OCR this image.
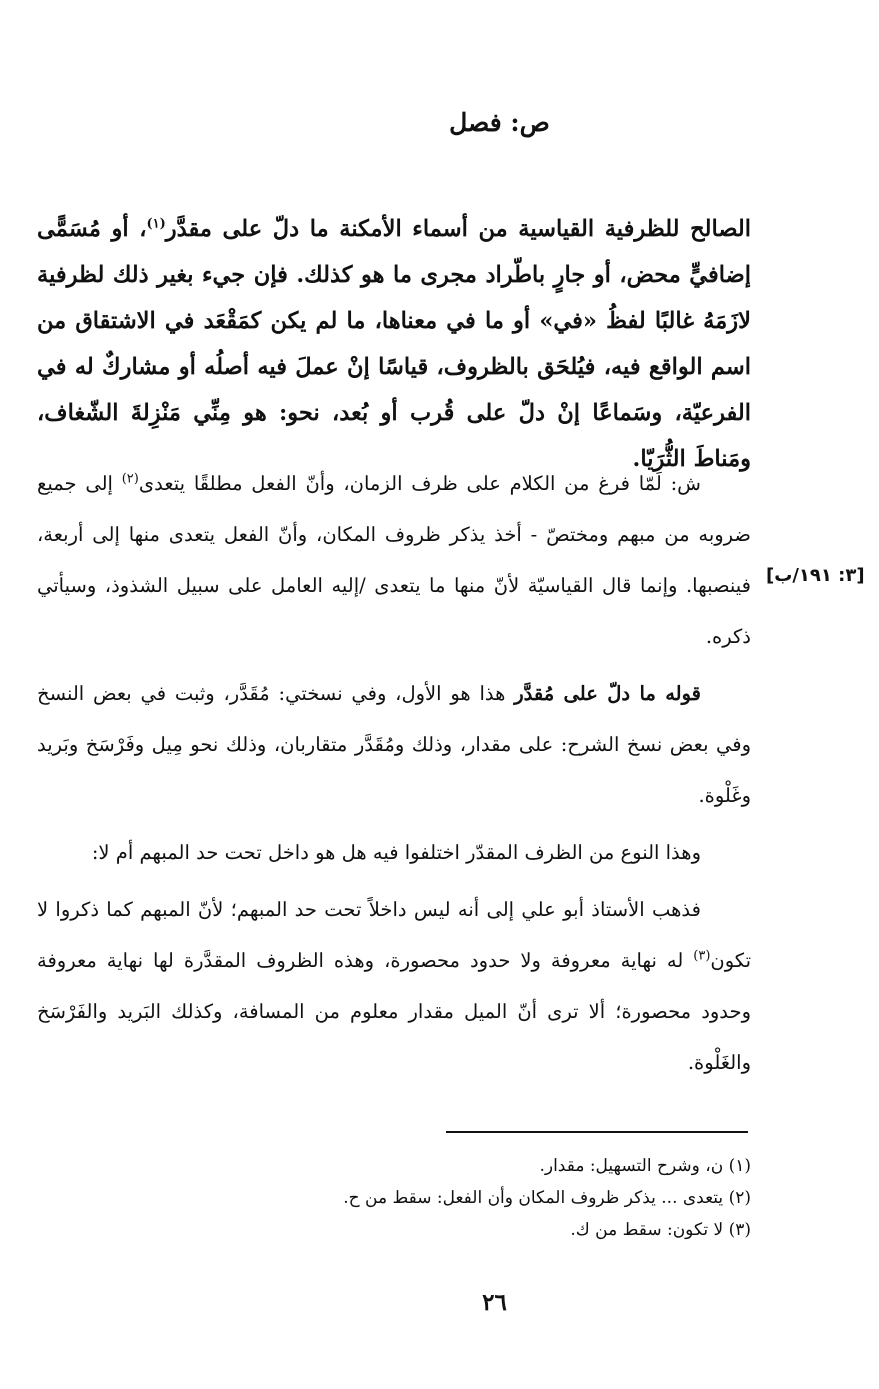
ص: فصل

الصالح للظرفية القياسية من أسماء الأمكنة ما دلّ على مقدَّر$^{(١)}$، أو مُسَمًّى إضافيٍّ محض، أو جارٍ باطّراد مجرى ما هو كذلك. فإن جيء بغير ذلك لظرفية لازَمَهُ غالبًا لفظُ «في» أو ما في معناها، ما لم يكن كمَقْعَد في الاشتقاق من اسم الواقع فيه، فيُلحَق بالظروف، قياسًا إنْ عملَ فيه أصلُه أو مشاركٌ له في الفرعيّة، وسَماعًا إنْ دلّ على قُرب أو بُعد، نحو: هو مِنِّي مَنْزِلةَ الشّغاف، ومَناطَ الثُّرَيّا.

ش: لَمّا فرغ من الكلام على ظرف الزمان، وأنّ الفعل مطلقًا يتعدى$^{(٢)}$ إلى جميع ضروبه من مبهم ومختصّ - أخذ يذكر ظروف المكان، وأنّ الفعل يتعدى منها إلى أربعة، فينصبها. وإنما قال القياسيّة لأنّ منها ما يتعدى /إليه العامل على سبيل الشذوذ، وسيأتي ذكره.

قوله ما دلّ على مُقدَّر هذا هو الأول، وفي نسختي: مُقَدَّر، وثبت في بعض النسخ وفي بعض نسخ الشرح: على مقدار، وذلك ومُقَدَّر متقاربان، وذلك نحو مِيل وفَرْسَخ وبَريد وغَلْوة.

وهذا النوع من الظرف المقدّر اختلفوا فيه هل هو داخل تحت حد المبهم أم لا:

فذهب الأستاذ أبو علي إلى أنه ليس داخلاً تحت حد المبهم؛ لأنّ المبهم كما ذكروا لا تكون$^{(٣)}$ له نهاية معروفة ولا حدود محصورة، وهذه الظروف المقدَّرة لها نهاية معروفة وحدود محصورة؛ ألا ترى أنّ الميل مقدار معلوم من المسافة، وكذلك البَريد والفَرْسَخ والغَلْوة.

[٣: ١٩١/ب]

(١) ن، وشرح التسهيل: مقدار.

(٢) يتعدى ... يذكر ظروف المكان وأن الفعل: سقط من ح.

(٣) لا تكون: سقط من ك.

٢٦
